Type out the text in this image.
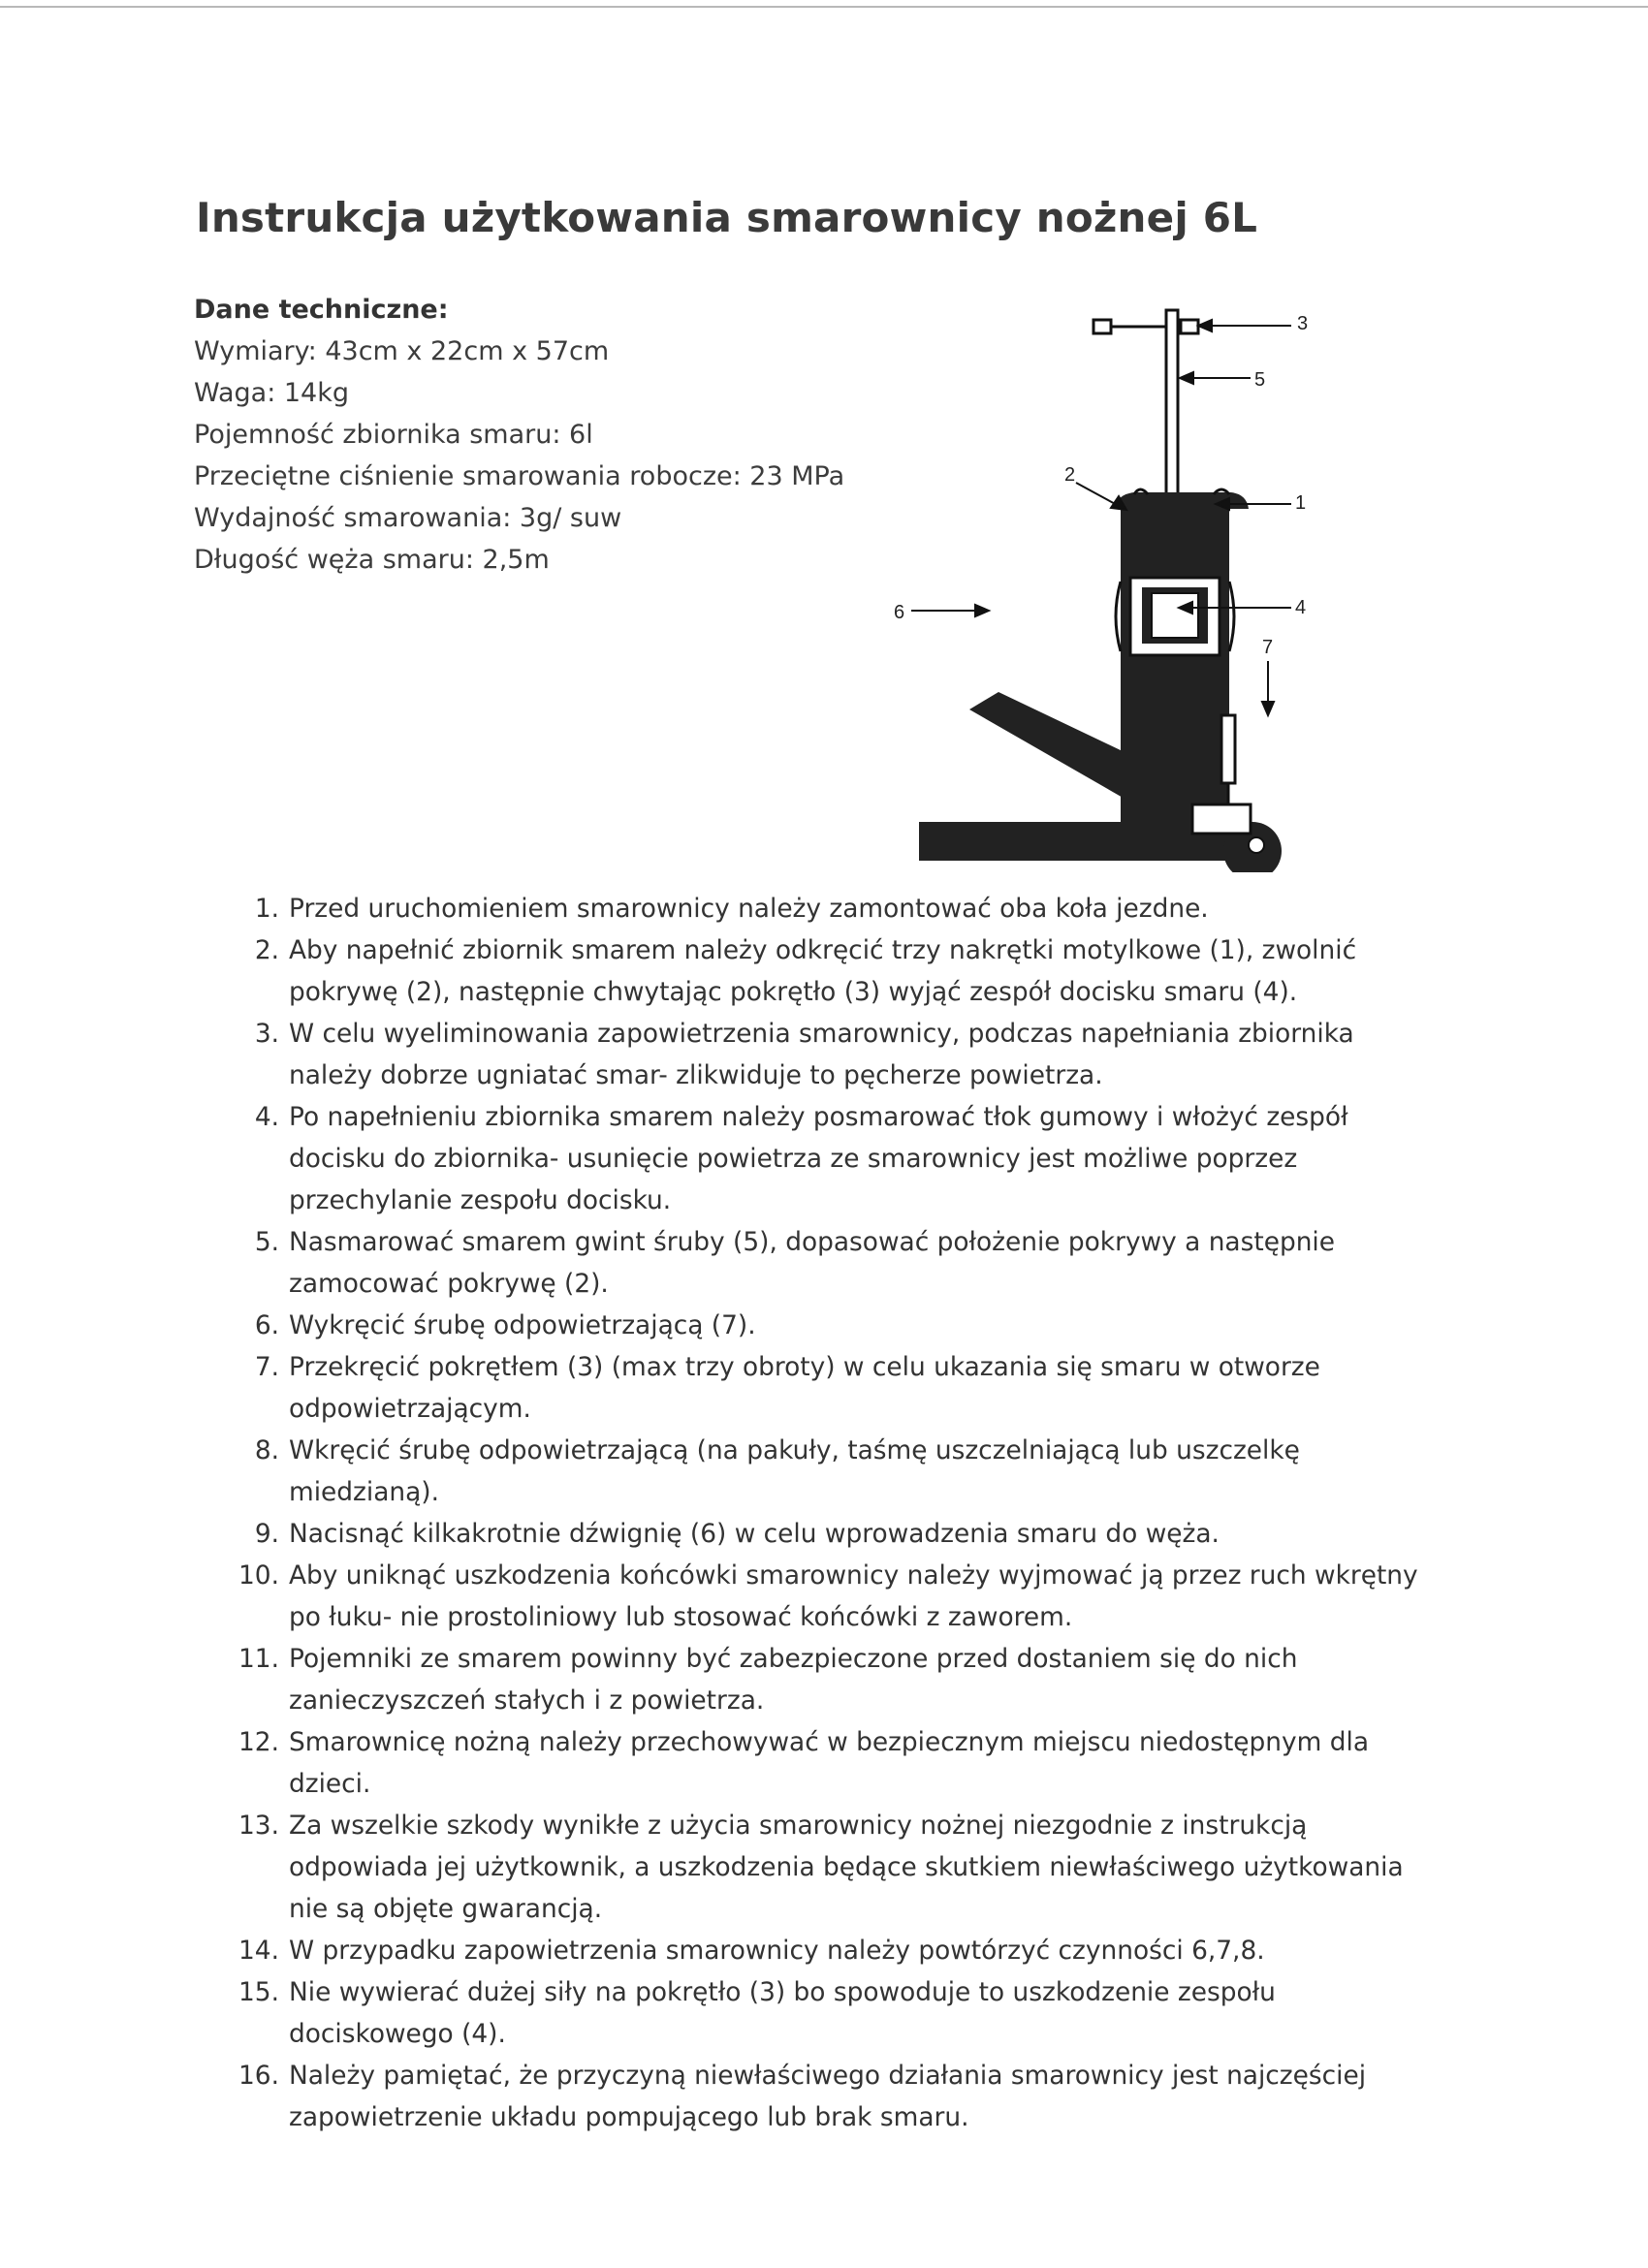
Instrukcja użytkowania smarownicy nożnej 6L
Dane techniczne:
Wymiary: 43cm x 22cm x 57cm
Waga: 14kg
Pojemność zbiornika smaru: 6l
Przeciętne ciśnienie smarowania robocze: 23 MPa
Wydajność smarowania: 3g/ suw
Długość węża smaru: 2,5m
3
5
2
1
4
6
7
1. Przed uruchomieniem smarownicy należy zamontować oba koła jezdne.
2. Aby napełnić zbiornik smarem należy odkręcić trzy nakrętki motylkowe (1), zwolnić pokrywę (2), następnie chwytając pokrętło (3) wyjąć zespół docisku smaru (4).
3. W celu wyeliminowania zapowietrzenia smarownicy, podczas napełniania zbiornika należy dobrze ugniatać smar- zlikwiduje to pęcherze powietrza.
4. Po napełnieniu zbiornika smarem należy posmarować tłok gumowy i włożyć zespół docisku do zbiornika- usunięcie powietrza ze smarownicy jest możliwe poprzez przechylanie zespołu docisku.
5. Nasmarować smarem gwint śruby (5), dopasować położenie pokrywy a następnie zamocować pokrywę (2).
6. Wykręcić śrubę odpowietrzającą (7).
7. Przekręcić pokrętłem (3) (max trzy obroty) w celu ukazania się smaru w otworze odpowietrzającym.
8. Wkręcić śrubę odpowietrzającą (na pakuły, taśmę uszczelniającą lub uszczelkę miedzianą).
9. Nacisnąć kilkakrotnie dźwignię (6) w celu wprowadzenia smaru do węża.
10. Aby uniknąć uszkodzenia końcówki smarownicy należy wyjmować ją przez ruch wkrętny po łuku- nie prostoliniowy lub stosować końcówki z zaworem.
11. Pojemniki ze smarem powinny być zabezpieczone przed dostaniem się do nich zanieczyszczeń stałych i z powietrza.
12. Smarownicę nożną należy przechowywać w bezpiecznym miejscu niedostępnym dla dzieci.
13. Za wszelkie szkody wynikłe z użycia smarownicy nożnej niezgodnie z instrukcją odpowiada jej użytkownik, a uszkodzenia będące skutkiem niewłaściwego użytkowania nie są objęte gwarancją.
14. W przypadku zapowietrzenia smarownicy należy powtórzyć czynności 6,7,8.
15. Nie wywierać dużej siły na pokrętło (3) bo spowoduje to uszkodzenie zespołu dociskowego (4).
16. Należy pamiętać, że przyczyną niewłaściwego działania smarownicy jest najczęściej zapowietrzenie układu pompującego lub brak smaru.
